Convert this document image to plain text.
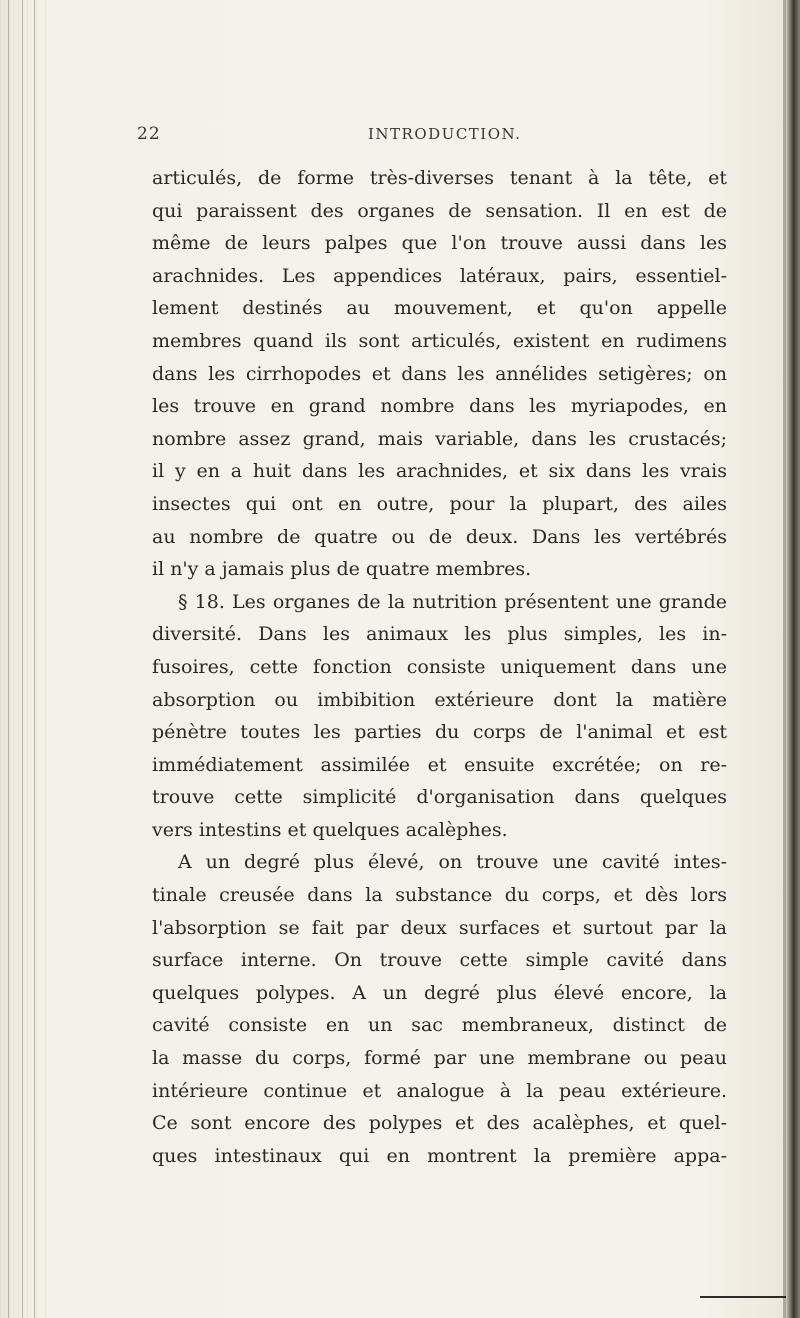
22	INTRODUCTION.
articulés, de forme très-diverses tenant à la tête, et
qui paraissent des organes de sensation. Il en est de
même de leurs palpes que l'on trouve aussi dans les
arachnides. Les appendices latéraux, pairs, essentiel-
lement destinés au mouvement, et qu'on appelle
membres quand ils sont articulés, existent en rudimens
dans les cirrhopodes et dans les annélides setigères; on
les trouve en grand nombre dans les myriapodes, en
nombre assez grand, mais variable, dans les crustacés;
il y en a huit dans les arachnides, et six dans les vrais
insectes qui ont en outre, pour la plupart, des ailes
au nombre de quatre ou de deux. Dans les vertébrés
il n'y a jamais plus de quatre membres.
§ 18. Les organes de la nutrition présentent une grande
diversité. Dans les animaux les plus simples, les in-
fusoires, cette fonction consiste uniquement dans une
absorption ou imbibition extérieure dont la matière
pénètre toutes les parties du corps de l'animal et est
immédiatement assimilée et ensuite excrétée; on re-
trouve cette simplicité d'organisation dans quelques
vers intestins et quelques acalèphes.
A un degré plus élevé, on trouve une cavité intes-
tinale creusée dans la substance du corps, et dès lors
l'absorption se fait par deux surfaces et surtout par la
surface interne. On trouve cette simple cavité dans
quelques polypes. A un degré plus élevé encore, la
cavité consiste en un sac membraneux, distinct de
la masse du corps, formé par une membrane ou peau
intérieure continue et analogue à la peau extérieure.
Ce sont encore des polypes et des acalèphes, et quel-
ques intestinaux qui en montrent la première appa-
